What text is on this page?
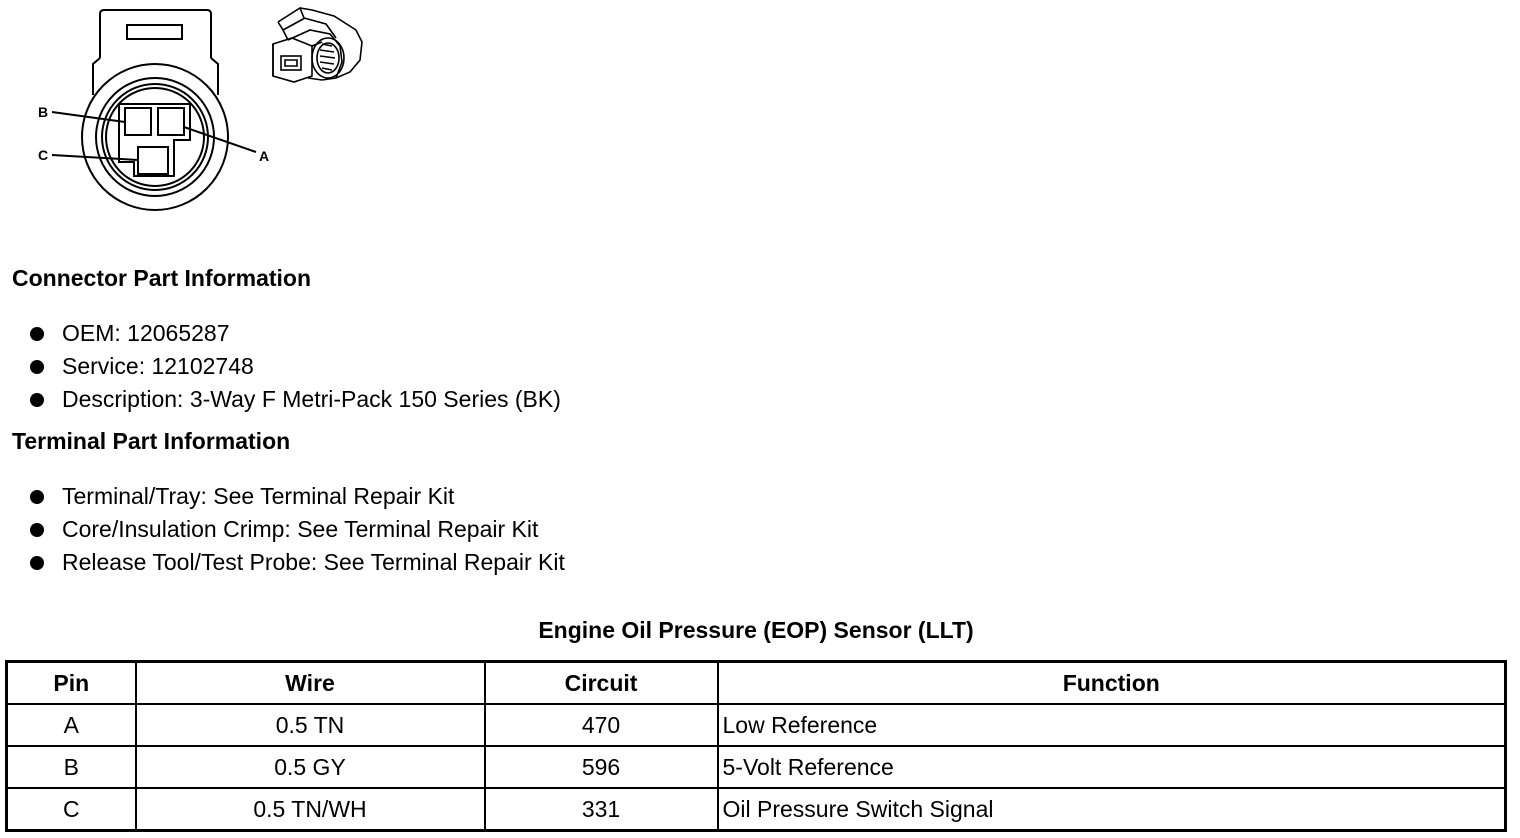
B
C	A
Connector Part Information
OEM: 12065287
Service: 12102748
Description: 3-Way F Metri-Pack 150 Series (BK)
Terminal Part Information
Terminal/Tray: See Terminal Repair Kit
Core/Insulation Crimp: See Terminal Repair Kit
Release Tool/Test Probe: See Terminal Repair Kit
Engine Oil Pressure (EOP) Sensor (LLT)
Pin	Wire	Circuit	Function
A	0.5 TN	470	Low Reference
B	0.5 GY	596	5-Volt Reference
C	0.5 TN/WH	331	Oil Pressure Switch Signal
